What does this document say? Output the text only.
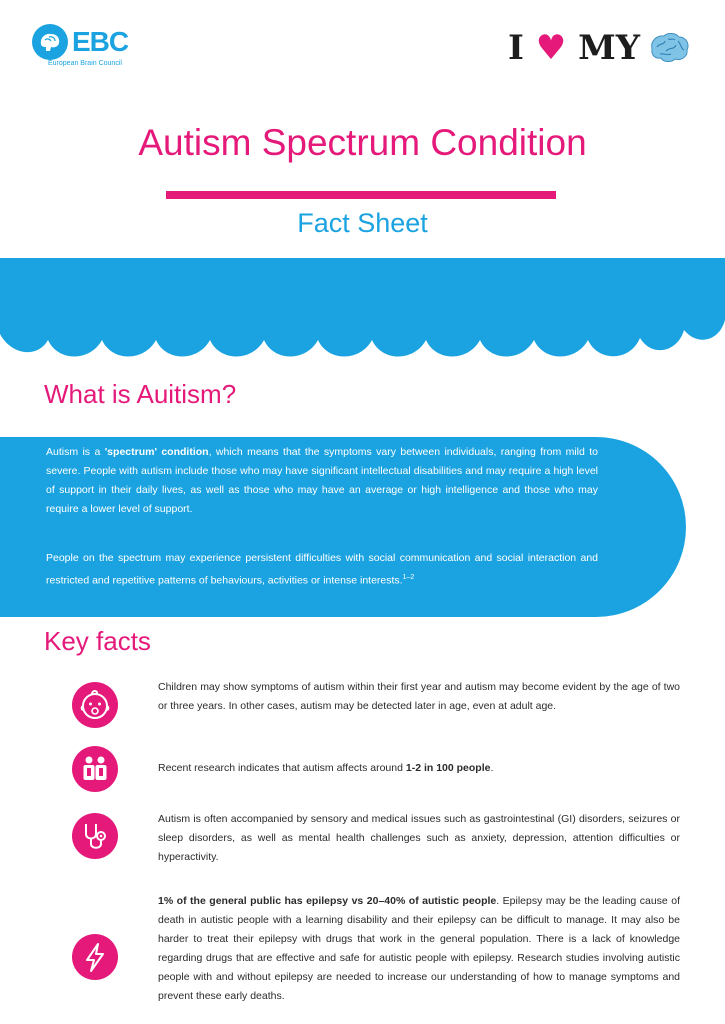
EBC
European Brain Council	I ♥ MY
Autism Spectrum Condition
Fact Sheet
What is Auitism?
Autism is a 'spectrum' condition, which means that the symptoms vary between individuals, ranging from mild to severe. People with autism include those who may have significant intellectual disabilities and may require a high level of support in their daily lives, as well as those who may have an average or high intelligence and those who may require a lower level of support.
People on the spectrum may experience persistent difficulties with social communication and social interaction and restricted and repetitive patterns of behaviours, activities or intense interests.$^{1-2}$
Key facts
Children may show symptoms of autism within their first year and autism may become evident by the age of two or three years. In other cases, autism may be detected later in age, even at adult age.
Recent research indicates that autism affects around 1-2 in 100 people.
Autism is often accompanied by sensory and medical issues such as gastrointestinal (GI) disorders, seizures or sleep disorders, as well as mental health challenges such as anxiety, depression, attention difficulties or hyperactivity.
1% of the general public has epilepsy vs 20–40% of autistic people. Epilepsy may be the leading cause of death in autistic people with a learning disability and their epilepsy can be difficult to manage. It may also be harder to treat their epilepsy with drugs that work in the general population. There is a lack of knowledge regarding drugs that are effective and safe for autistic people with epilepsy. Research studies involving autistic people with and without epilepsy are needed to increase our understanding of how to manage symptoms and prevent these early deaths.
